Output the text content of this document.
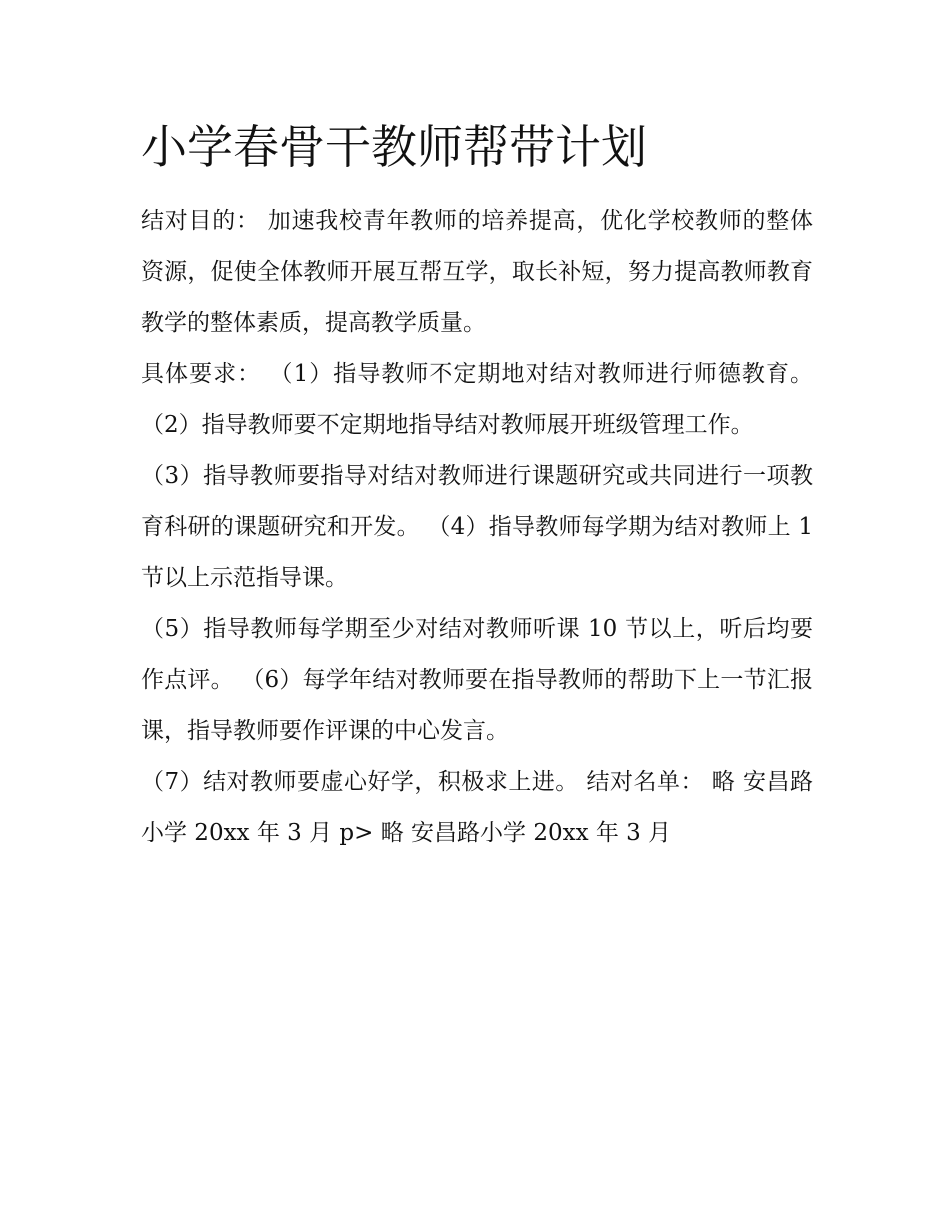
小学春骨干教师帮带计划

结对目的： 加速我校青年教师的培养提高，优化学校教师的整体资源，促使全体教师开展互帮互学，取长补短，努力提高教师教育教学的整体素质，提高教学质量。

具体要求： （1）指导教师不定期地对结对教师进行师德教育。 （2）指导教师要不定期地指导结对教师展开班级管理工作。

（3）指导教师要指导对结对教师进行课题研究或共同进行一项教育科研的课题研究和开发。 （4）指导教师每学期为结对教师上 1 节以上示范指导课。

（5）指导教师每学期至少对结对教师听课 10 节以上，听后均要作点评。 （6）每学年结对教师要在指导教师的帮助下上一节汇报课，指导教师要作评课的中心发言。

（7）结对教师要虚心好学，积极求上进。 结对名单： 略 安昌路小学 20xx 年 3 月 p> 略 安昌路小学 20xx 年 3 月
